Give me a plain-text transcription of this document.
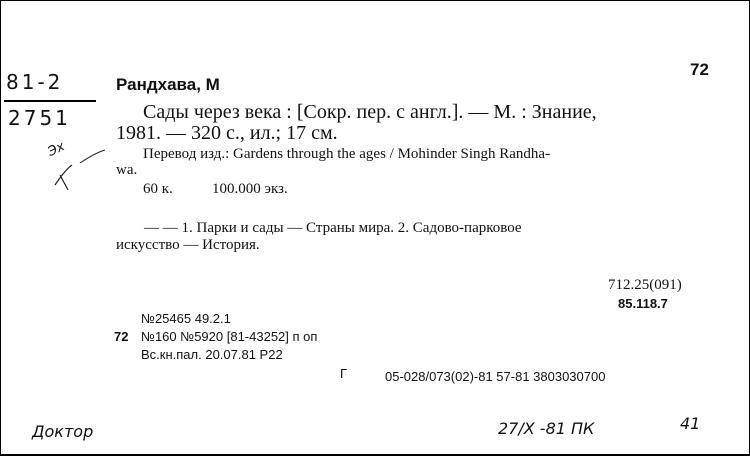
81-2
2751
Эх
72
Рандхава, М
Сады через века : [Сокр. пер. с англ.]. — М. : Знание,
1981. — 320 с., ил.; 17 см.
Перевод изд.: Gardens through the ages / Mohinder Singh Randha-
wa.
60 к.	100.000 экз.
— — 1. Парки и сады — Страны мира. 2. Садово-парковое
искусство — История.
712.25(091)
85.118.7
№25465 49.2.1
72 №160 №5920 [81-43252] п оп
Вс.кн.пал. 20.07.81 Р22
Г	05-028/073(02)-81 57-81 3803030700
Доктор	27/X -81 ПК	41
